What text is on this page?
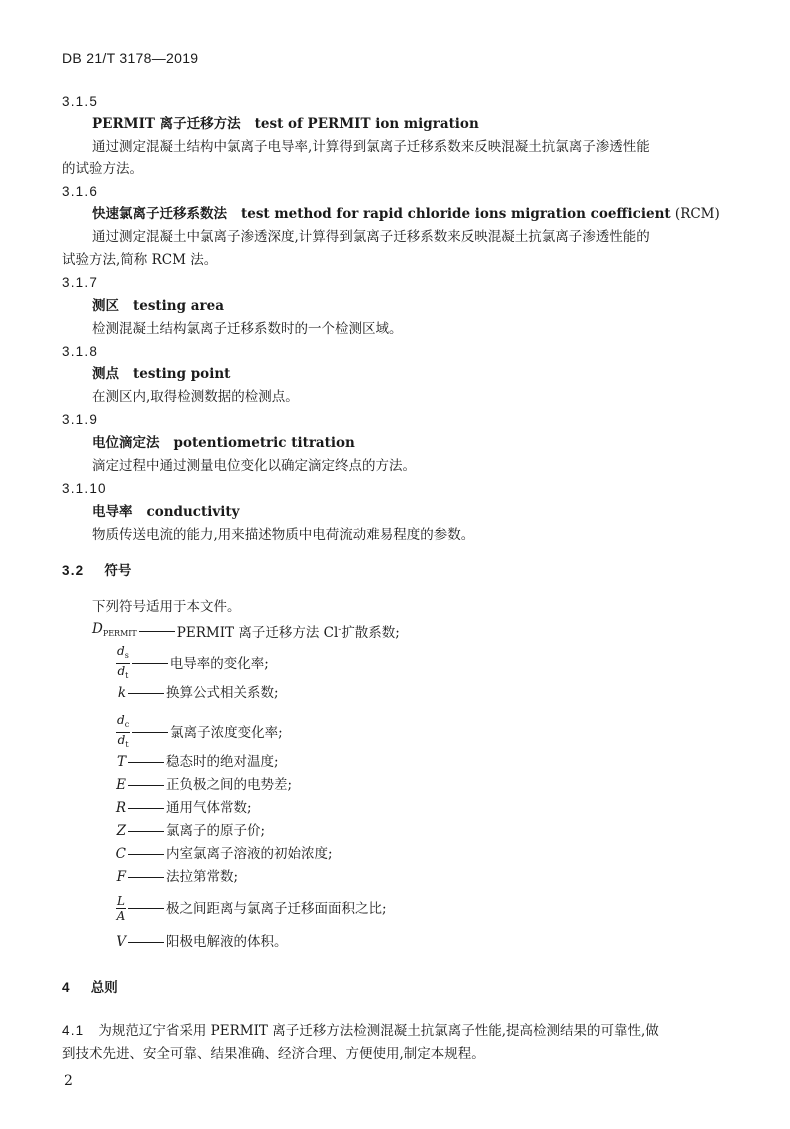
DB 21/T 3178—2019
3.1.5
PERMIT 离子迁移方法 test of PERMIT ion migration
通过测定混凝土结构中氯离子电导率,计算得到氯离子迁移系数来反映混凝土抗氯离子渗透性能
的试验方法。
3.1.6
快速氯离子迁移系数法 test method for rapid chloride ions migration coefficient (RCM)
通过测定混凝土中氯离子渗透深度,计算得到氯离子迁移系数来反映混凝土抗氯离子渗透性能的
试验方法,简称 RCM 法。
3.1.7
测区 testing area
检测混凝土结构氯离子迁移系数时的一个检测区域。
3.1.8
测点 testing point
在测区内,取得检测数据的检测点。
3.1.9
电位滴定法 potentiometric titration
滴定过程中通过测量电位变化以确定滴定终点的方法。
3.1.10
电导率 conductivity
物质传送电流的能力,用来描述物质中电荷流动难易程度的参数。
3.2 符号
下列符号适用于本文件。
$D_{PERMIT}$	PERMIT 离子迁移方法 Cl-扩散系数;
$\frac{d_s}{d_t}$	电导率的变化率;
k	换算公式相关系数;
$\frac{d_c}{d_t}$	氯离子浓度变化率;
T	稳态时的绝对温度;
E	正负极之间的电势差;
R	通用气体常数;
Z	氯离子的原子价;
C	内室氯离子溶液的初始浓度;
F	法拉第常数;
$\frac{L}{A}$	极之间距离与氯离子迁移面面积之比;
V	阳极电解液的体积。
4 总则
4.1 为规范辽宁省采用 PERMIT 离子迁移方法检测混凝土抗氯离子性能,提高检测结果的可靠性,做
到技术先进、安全可靠、结果准确、经济合理、方便使用,制定本规程。
2
